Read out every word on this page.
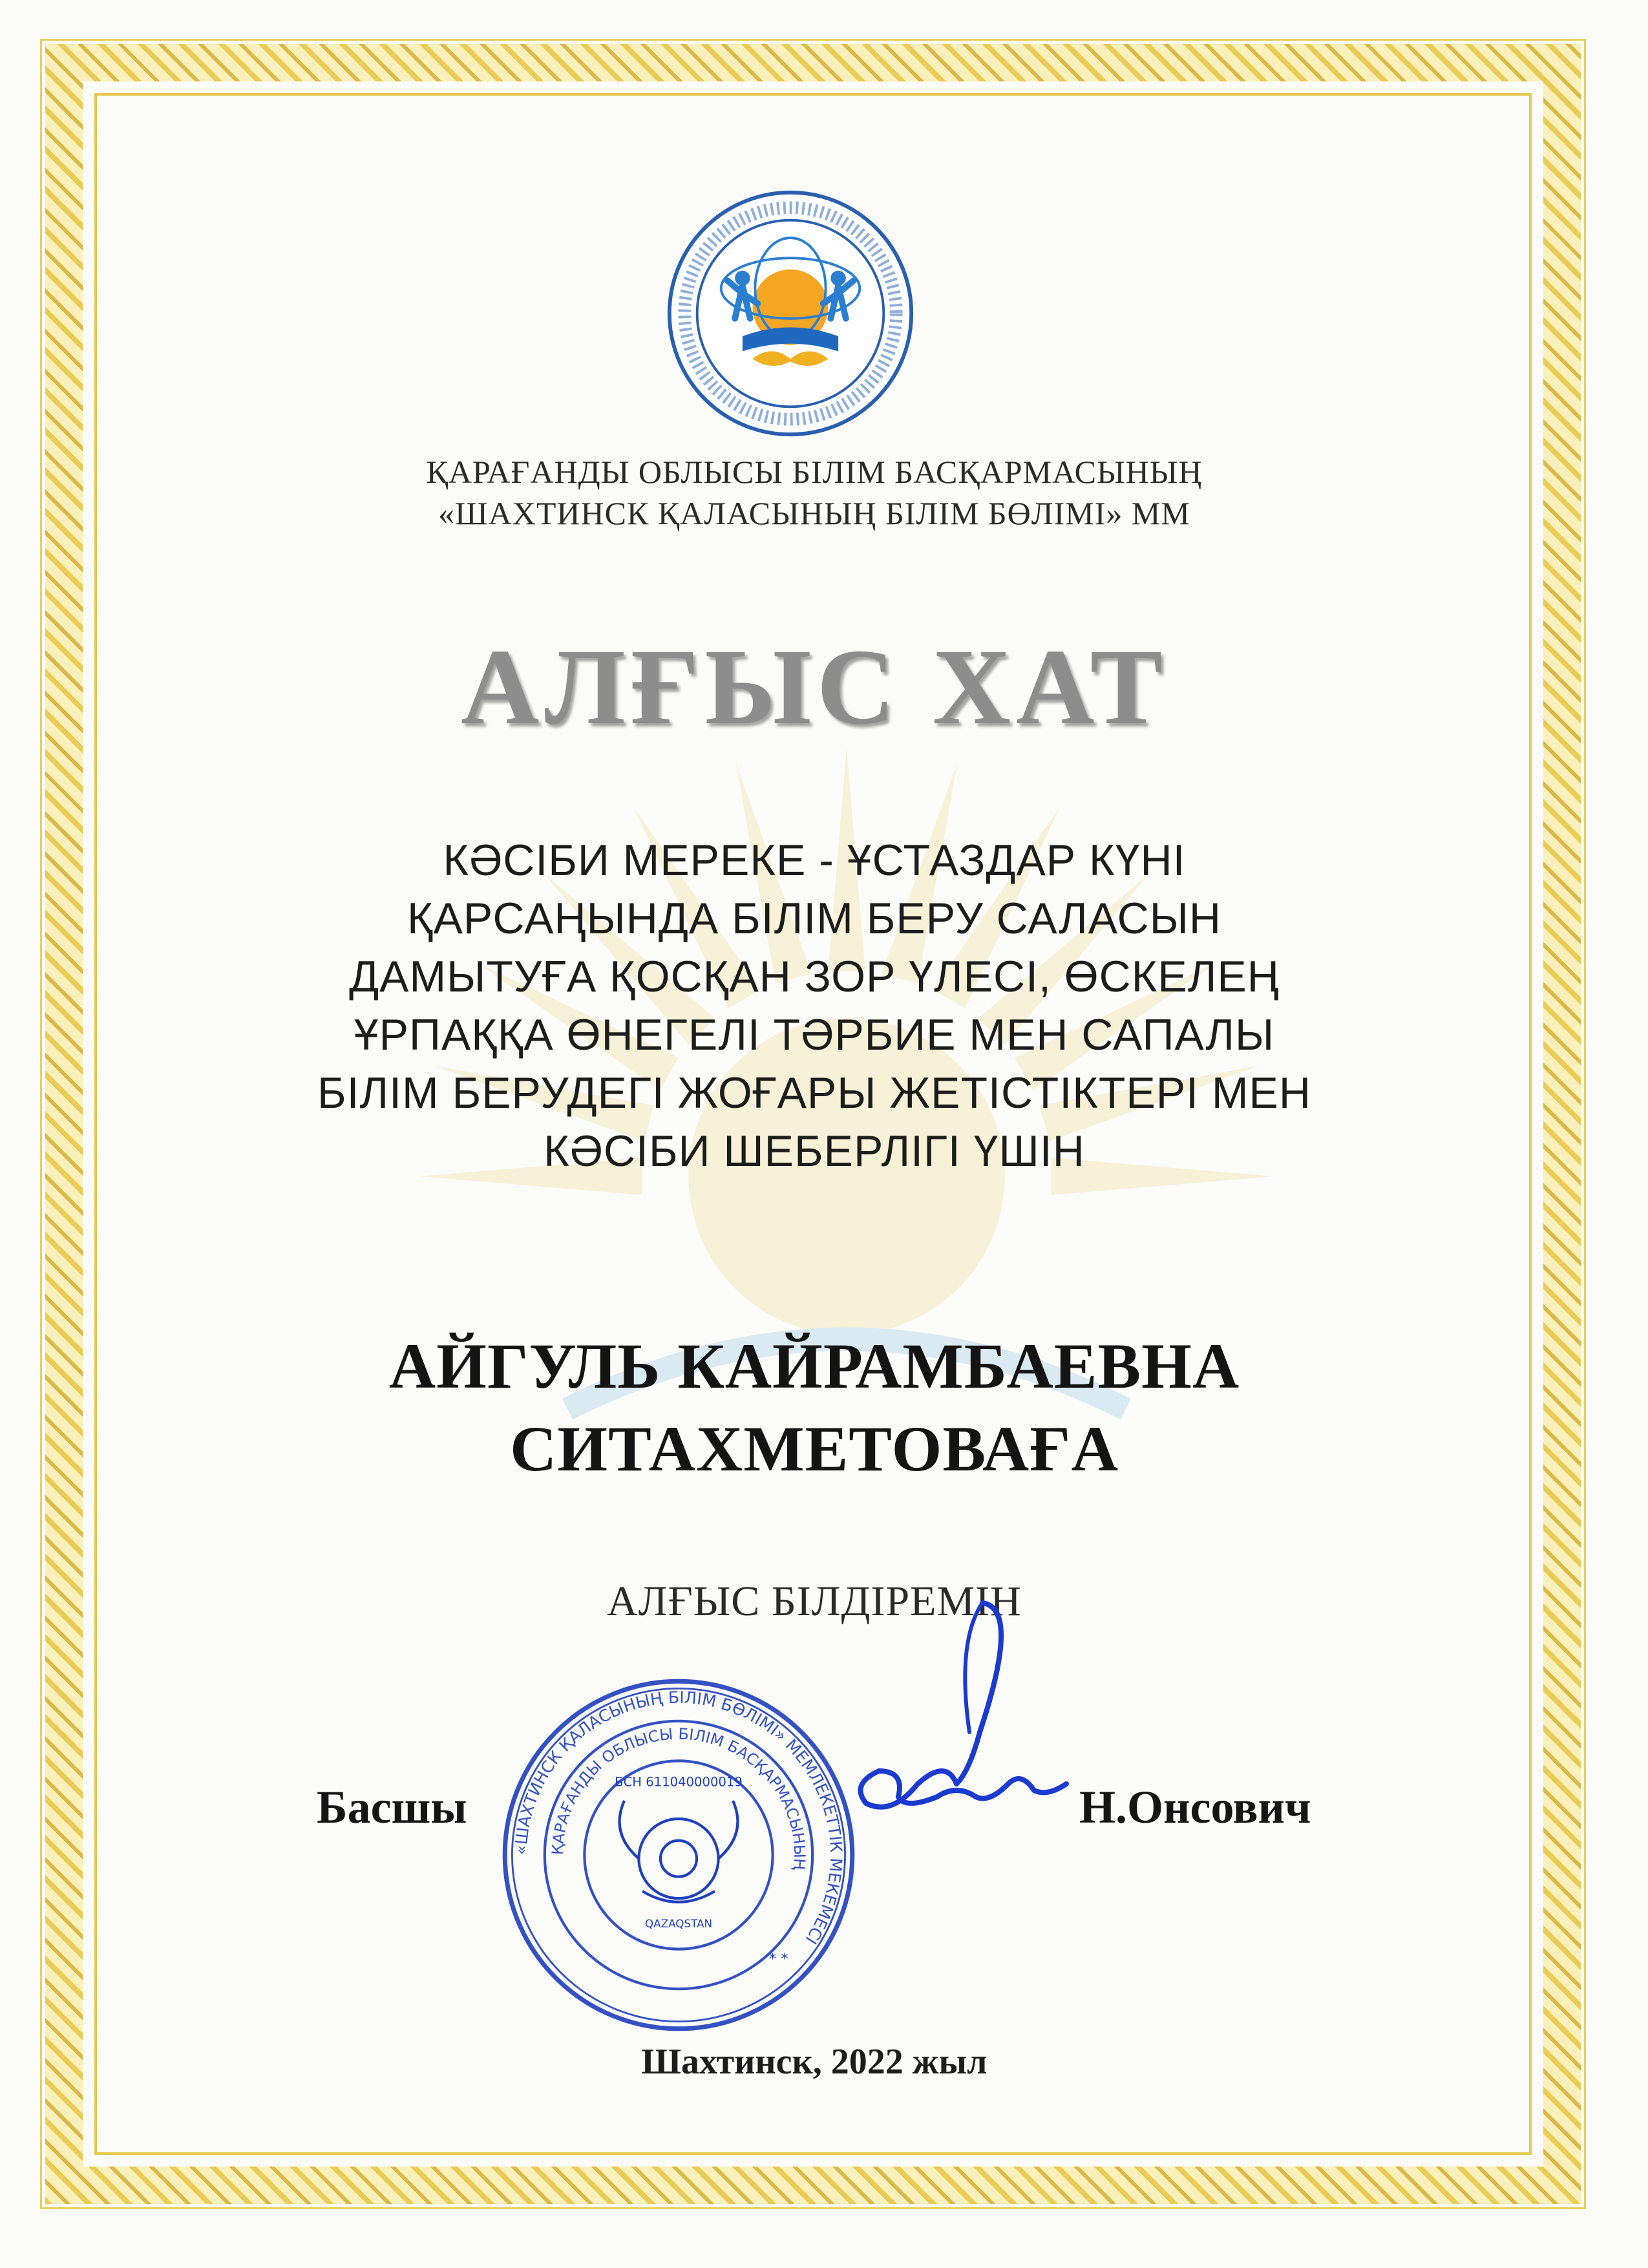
ҚАРАҒАНДЫ ОБЛЫСЫ БІЛІМ БАСҚАРМАСЫНЫҢ

«ШАХТИНСК ҚАЛАСЫНЫҢ БІЛІМ БӨЛІМІ» ММ

АЛҒЫС ХАТ
КӘСІБИ МЕРЕКЕ - ҰСТАЗДАР КҮНІ
ҚАРСАҢЫНДА БІЛІМ БЕРУ САЛАСЫН
ДАМЫТУҒА ҚОСҚАН ЗОР ҮЛЕСІ, ӨСКЕЛЕҢ
ҰРПАҚҚА ӨНЕГЕЛІ ТӘРБИЕ МЕН САПАЛЫ
БІЛІМ БЕРУДЕГІ ЖОҒАРЫ ЖЕТІСТІКТЕРІ МЕН
КӘСІБИ ШЕБЕРЛІГІ ҮШІН
АЙГУЛЬ КАЙРАМБАЕВНА
СИТАХМЕТОВАҒА

АЛҒЫС БІЛДІРЕМІН

«ШАХТИНСК ҚАЛАСЫНЫҢ БІЛІМ БӨЛІМІ» МЕМЛЕКЕТТІК МЕКЕМЕСІ
ҚАРАҒАНДЫ ОБЛЫСЫ БІЛІМ БАСҚАРМАСЫНЫҢ
БСН 611040000019
QAZAQSTAN
* *
Басшы	Н.Онсович

Шахтинск, 2022 жыл
